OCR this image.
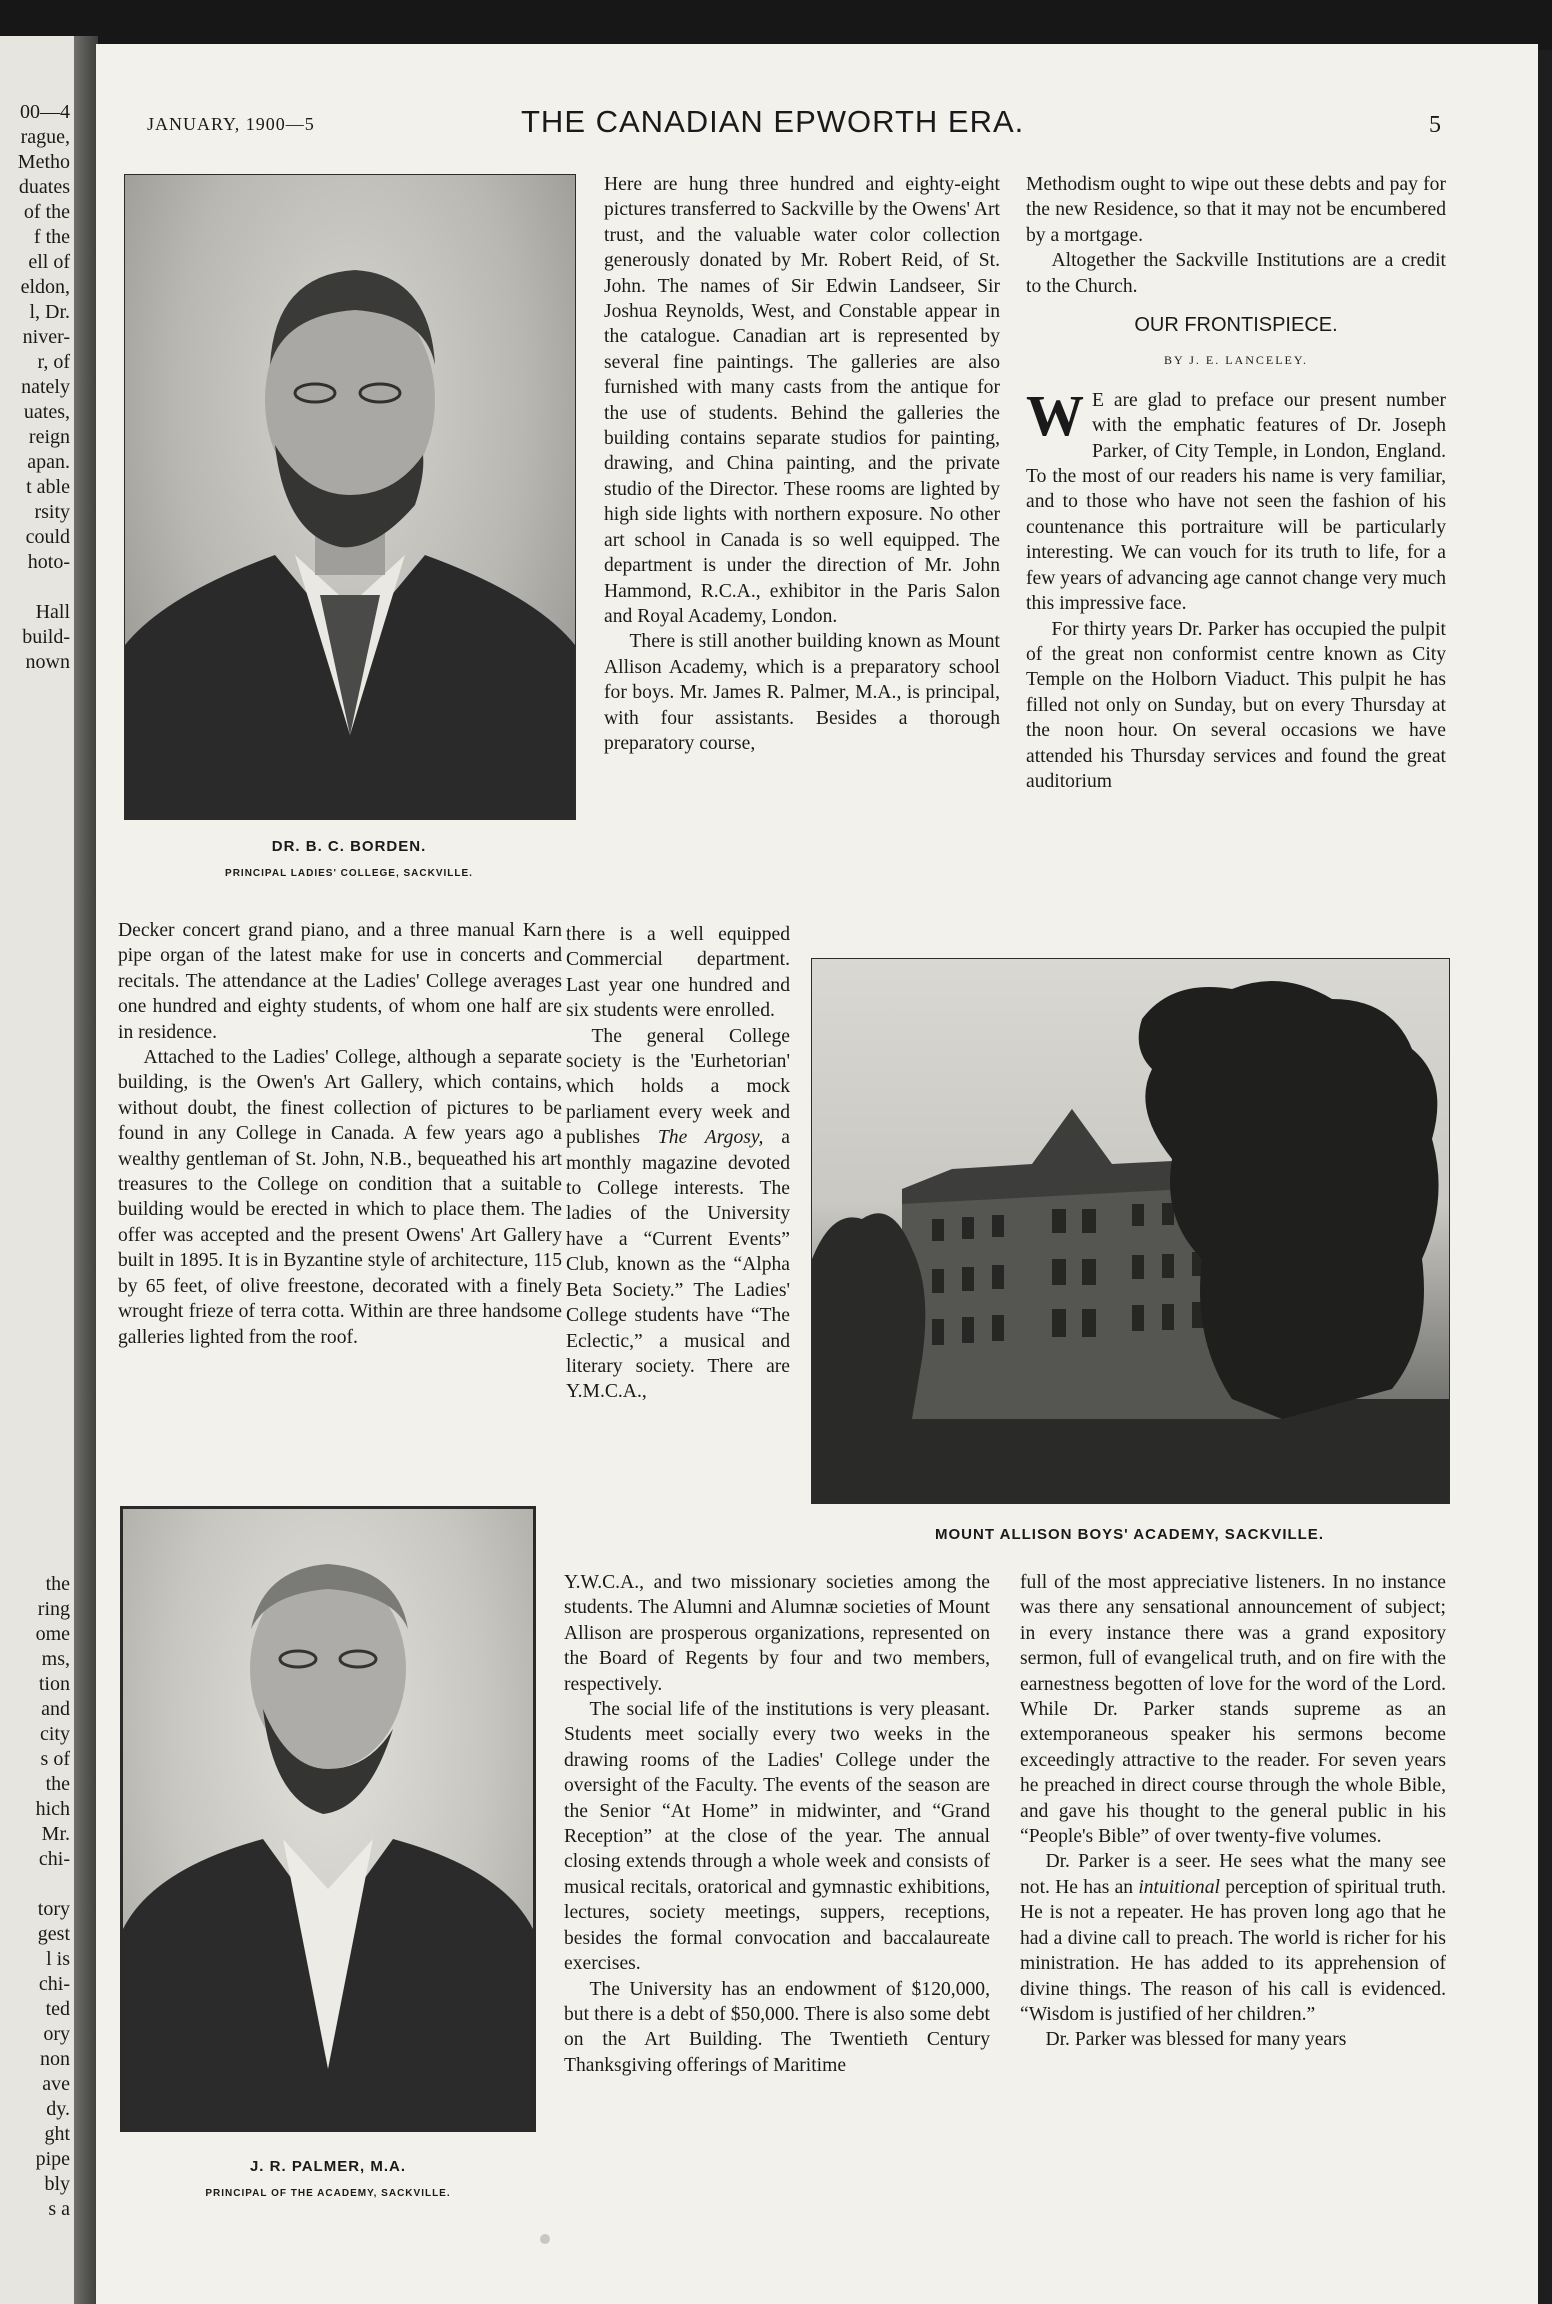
00—4
rague,
Metho
duates
of the
f the
ell of
eldon,
l, Dr.
niver-
r, of
nately
uates,
reign
apan.
t able
rsity
could
hoto-

Hall
build-
nown
the
ring
ome
ms,
tion
and
city
s of
the
hich
Mr.
chi-

tory
gest
l is
chi-
ted
ory
non
ave
dy.
ght
pipe
bly
s a
JANUARY, 1900—5	THE CANADIAN EPWORTH ERA.	5
DR. B. C. BORDEN.
PRINCIPAL LADIES' COLLEGE, SACKVILLE.

Decker concert grand piano, and a three manual Karn pipe organ of the latest make for use in concerts and recitals. The attendance at the Ladies' College averages one hundred and eighty students, of whom one half are in residence.

Attached to the Ladies' College, although a separate building, is the Owen's Art Gallery, which contains, without doubt, the finest collection of pictures to be found in any College in Canada. A few years ago a wealthy gentleman of St. John, N.B., bequeathed his art treasures to the College on condition that a suitable building would be erected in which to place them. The offer was accepted and the present Owens' Art Gallery built in 1895. It is in Byzantine style of architecture, 115 by 65 feet, of olive freestone, decorated with a finely wrought frieze of terra cotta. Within are three handsome galleries lighted from the roof.

J. R. PALMER, M.A.
PRINCIPAL OF THE ACADEMY, SACKVILLE.

Here are hung three hundred and eighty-eight pictures transferred to Sackville by the Owens' Art trust, and the valuable water color collection generously donated by Mr. Robert Reid, of St. John. The names of Sir Edwin Landseer, Sir Joshua Reynolds, West, and Constable appear in the catalogue. Canadian art is represented by several fine paintings. The galleries are also furnished with many casts from the antique for the use of students. Behind the galleries the building contains separate studios for painting, drawing, and China painting, and the private studio of the Director. These rooms are lighted by high side lights with northern exposure. No other art school in Canada is so well equipped. The department is under the direction of Mr. John Hammond, R.C.A., exhibitor in the Paris Salon and Royal Academy, London.

There is still another building known as Mount Allison Academy, which is a preparatory school for boys. Mr. James R. Palmer, M.A., is principal, with four assistants. Besides a thorough preparatory course,

there is a well equipped Commercial department. Last year one hundred and six students were enrolled.

The general College society is the 'Eurhetorian' which holds a mock parliament every week and publishes The Argosy, a monthly magazine devoted to College interests. The ladies of the University have a “Current Events” Club, known as the “Alpha Beta Society.” The Ladies' College students have “The Eclectic,” a musical and literary society. There are Y.M.C.A.,

MOUNT ALLISON BOYS' ACADEMY, SACKVILLE.

Y.W.C.A., and two missionary societies among the students. The Alumni and Alumnæ societies of Mount Allison are prosperous organizations, represented on the Board of Regents by four and two members, respectively.

The social life of the institutions is very pleasant. Students meet socially every two weeks in the drawing rooms of the Ladies' College under the oversight of the Faculty. The events of the season are the Senior “At Home” in midwinter, and “Grand Reception” at the close of the year. The annual closing extends through a whole week and consists of musical recitals, oratorical and gymnastic exhibitions, lectures, society meetings, suppers, receptions, besides the formal convocation and baccalaureate exercises.

The University has an endowment of $120,000, but there is a debt of $50,000. There is also some debt on the Art Building. The Twentieth Century Thanksgiving offerings of Maritime

Methodism ought to wipe out these debts and pay for the new Residence, so that it may not be encumbered by a mortgage.

Altogether the Sackville Institutions are a credit to the Church.

OUR FRONTISPIECE.
BY J. E. LANCELEY.

W E are glad to preface our present number with the emphatic features of Dr. Joseph Parker, of City Temple, in London, England. To the most of our readers his name is very familiar, and to those who have not seen the fashion of his countenance this portraiture will be particularly interesting. We can vouch for its truth to life, for a few years of advancing age cannot change very much this impressive face.

For thirty years Dr. Parker has occupied the pulpit of the great non conformist centre known as City Temple on the Holborn Viaduct. This pulpit he has filled not only on Sunday, but on every Thursday at the noon hour. On several occasions we have attended his Thursday services and found the great auditorium

full of the most appreciative listeners. In no instance was there any sensational announcement of subject; in every instance there was a grand expository sermon, full of evangelical truth, and on fire with the earnestness begotten of love for the word of the Lord. While Dr. Parker stands supreme as an extemporaneous speaker his sermons become exceedingly attractive to the reader. For seven years he preached in direct course through the whole Bible, and gave his thought to the general public in his “People's Bible” of over twenty-five volumes.

Dr. Parker is a seer. He sees what the many see not. He has an intuitional perception of spiritual truth. He is not a repeater. He has proven long ago that he had a divine call to preach. The world is richer for his ministration. He has added to its apprehension of divine things. The reason of his call is evidenced. “Wisdom is justified of her children.”

Dr. Parker was blessed for many years
